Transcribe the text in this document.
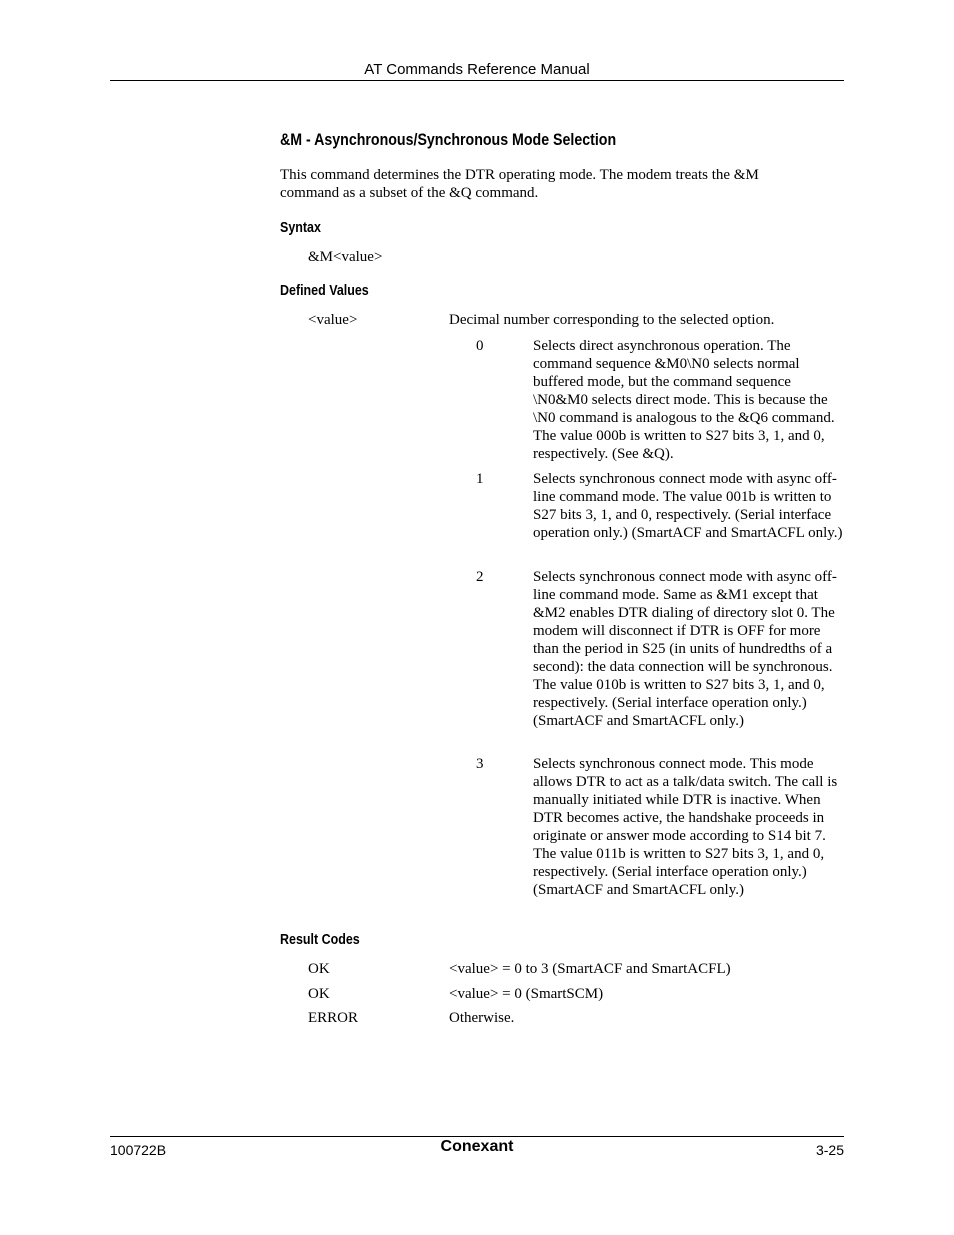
AT Commands Reference Manual
&M - Asynchronous/Synchronous Mode Selection
This command determines the DTR operating mode. The modem treats the &M command as a subset of the &Q command.
Syntax
&M<value>
Defined Values
<value>	Decimal number corresponding to the selected option.
0	Selects direct asynchronous operation. The command sequence &M0\N0 selects normal buffered mode, but the command sequence \N0&M0 selects direct mode. This is because the \N0 command is analogous to the &Q6 command. The value 000b is written to S27 bits 3, 1, and 0, respectively. (See &Q).
1	Selects synchronous connect mode with async off-line command mode. The value 001b is written to S27 bits 3, 1, and 0, respectively. (Serial interface operation only.) (SmartACF and SmartACFL only.)
2	Selects synchronous connect mode with async off-line command mode. Same as &M1 except that &M2 enables DTR dialing of directory slot 0. The modem will disconnect if DTR is OFF for more than the period in S25 (in units of hundredths of a second): the data connection will be synchronous. The value 010b is written to S27 bits 3, 1, and 0, respectively. (Serial interface operation only.) (SmartACF and SmartACFL only.)
3	Selects synchronous connect mode. This mode allows DTR to act as a talk/data switch. The call is manually initiated while DTR is inactive. When DTR becomes active, the handshake proceeds in originate or answer mode according to S14 bit 7. The value 011b is written to S27 bits 3, 1, and 0, respectively. (Serial interface operation only.) (SmartACF and SmartACFL only.)
Result Codes
OK	<value> = 0 to 3 (SmartACF and SmartACFL)
OK	<value> = 0 (SmartSCM)
ERROR	Otherwise.
100722B	Conexant	3-25
